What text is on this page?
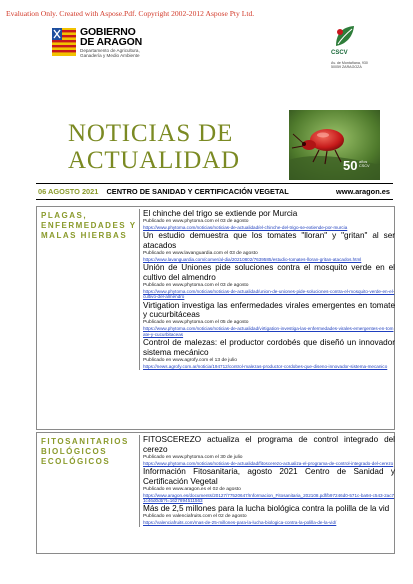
Evaluation Only. Created with Aspose.Pdf. Copyright 2002-2012 Aspose Pty Ltd.
GOBIERNO
DE ARAGON
Departamento de Agricultura,
Ganadería y Medio Ambiente	CSCV
Av. de Montañana, 930
50059 ZARAGOZA
NOTICIAS DE
ACTUALIDAD	50 años
CSCV
06 AGOSTO 2021 CENTRO DE SANIDAD Y CERTIFICACIÓN VEGETAL	www.aragon.es
PLAGAS,
ENFERMEDADES Y
MALAS HIERBAS
El chinche del trigo se extiende por Murcia
Publicado en www.phytoma.com el 03 de agosto
https://www.phytoma.com/noticias/noticias-de-actualidad/el-chinche-del-trigo-se-extiende-por-murcia
Un estudio demuestra que los tomates "lloran" y "gritan" al ser atacados
Publicado en www.lavanguardia.com el 03 de agosto
https://www.lavanguardia.com/comer/al-dia/20210802/7639585/estudio-tomates-lloran-gritan-atacados.html
Unión de Uniones pide soluciones contra el mosquito verde en el cultivo del almendro
Publicado en www.phytoma.com el 03 de agosto
https://www.phytoma.com/noticias/noticias-de-actualidad/union-de-uniones-pide-soluciones-contra-el-mosquito-verde-en-el-cultivo-del-almendro
Virtigation investiga las enfermedades virales emergentes en tomate y cucurbitáceas
Publicado en www.phytoma.com el 05 de agosto
https://www.phytoma.com/noticias/noticias-de-actualidad/virtigation-investiga-las-enfermedades-virales-emergentes-en-tomate-y-cucurbitaceas
Control de malezas: el productor cordobés que diseñó un innovador sistema mecánico
Publicado en www.agrofy.com el 13 de julio
https://news.agrofy.com.ar/noticia/194712/control-malezas-productor-cordobes-que-diseno-innovador-sistema-mecanico
FITOSANITARIOS
BIOLÓGICOS
ECOLÓGICOS
FITOSCEREZO actualiza el programa de control integrado del cerezo
Publicado en www.phytoma.com el 30 de julio
https://www.phytoma.com/noticias/noticias-de-actualidad/fitoscerezo-actualiza-el-programa-de-control-integrado-del-cerezo
Información Fitosanitaria, agosto 2021 Centro de Sanidad y Certificación Vegetal
Publicado en www.aragon.es el 02 de agosto
https://www.aragon.es/documents/20127/77520647/Informacion_Fitosanitaria_202108.pdf/b97246d0-571c-ba94-c543-2ac71c46d0db?t=1627894511563
Más de 2,5 millones para la lucha biológica contra la polilla de la vid
Publicado en valenciafruits.com el 02 de agosto
https://valenciafruits.com/mas-de-25-millones-para-la-lucha-biologica-contra-la-polilla-de-la-vid/
